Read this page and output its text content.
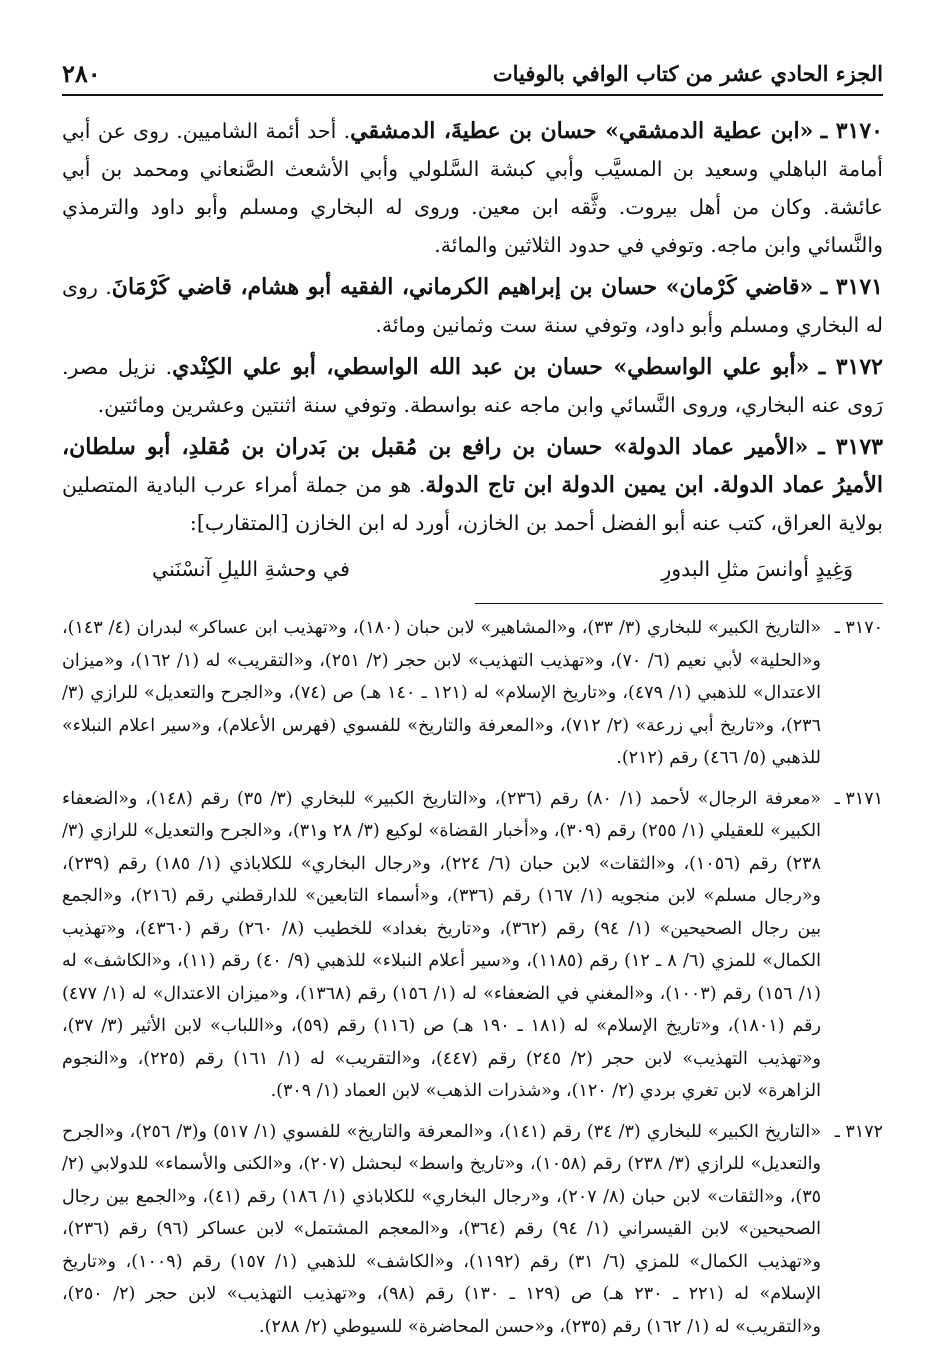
الجزء الحادي عشر من كتاب الوافي بالوفيات
٢٨٠

٣١٧٠ ـ «ابن عطية الدمشقي» حسان بن عطيةَ، الدمشقي. أحد أئمة الشاميين. روى عن أبي أمامة الباهلي وسعيد بن المسيَّب وأبي كبشة السَّلولي وأبي الأشعث الصَّنعاني ومحمد بن أبي عائشة. وكان من أهل بيروت. وثَّقه ابن معين. وروى له البخاري ومسلم وأبو داود والترمذي والنَّسائي وابن ماجه. وتوفي في حدود الثلاثين والمائة.

٣١٧١ ـ «قاضي كَرْمان» حسان بن إبراهيم الكرماني، الفقيه أبو هشام، قاضي كَرْمَانَ. روى له البخاري ومسلم وأبو داود، وتوفي سنة ست وثمانين ومائة.

٣١٧٢ ـ «أبو علي الواسطي» حسان بن عبد الله الواسطي، أبو علي الكِنْدي. نزيل مصر. رَوى عنه البخاري، وروى النَّسائي وابن ماجه عنه بواسطة. وتوفي سنة اثنتين وعشرين ومائتين.

٣١٧٣ ـ «الأمير عماد الدولة» حسان بن رافع بن مُقبل بن بَدران بن مُقلدِ، أبو سلطان، الأميرُ عماد الدولة. ابن يمين الدولة ابن تاج الدولة. هو من جملة أمراء عرب البادية المتصلين بولاية العراق، كتب عنه أبو الفضل أحمد بن الخازن، أورد له ابن الخازن [المتقارب]:

وَغِيدٍ أوانسَ مثلِ البدورِ
في وحشةِ الليلِ آنسْنَني
٣١٧٠ ـ
«التاريخ الكبير» للبخاري (٣/ ٣٣)، و«المشاهير» لابن حبان (١٨٠)، و«تهذيب ابن عساكر» لبدران (٤/ ١٤٣)، و«الحلية» لأبي نعيم (٦/ ٧٠)، و«تهذيب التهذيب» لابن حجر (٢/ ٢٥١)، و«التقريب» له (١/ ١٦٢)، و«ميزان الاعتدال» للذهبي (١/ ٤٧٩)، و«تاريخ الإسلام» له (١٢١ ـ ١٤٠ هـ) ص (٧٤)، و«الجرح والتعديل» للرازي (٣/ ٢٣٦)، و«تاريخ أبي زرعة» (٢/ ٧١٢)، و«المعرفة والتاريخ» للفسوي (فهرس الأعلام)، و«سير اعلام النبلاء» للذهبي (٥/ ٤٦٦) رقم (٢١٢).
٣١٧١ ـ
«معرفة الرجال» لأحمد (١/ ٨٠) رقم (٢٣٦)، و«التاريخ الكبير» للبخاري (٣/ ٣٥) رقم (١٤٨)، و«الضعفاء الكبير» للعقيلي (١/ ٢٥٥) رقم (٣٠٩)، و«أخبار القضاة» لوكيع (٣/ ٢٨ و٣١)، و«الجرح والتعديل» للرازي (٣/ ٢٣٨) رقم (١٠٥٦)، و«الثقات» لابن حبان (٦/ ٢٢٤)، و«رجال البخاري» للكلاباذي (١/ ١٨٥) رقم (٢٣٩)، و«رجال مسلم» لابن منجويه (١/ ١٦٧) رقم (٣٣٦)، و«أسماء التابعين» للدارقطني رقم (٢١٦)، و«الجمع بين رجال الصحيحين» (١/ ٩٤) رقم (٣٦٢)، و«تاريخ بغداد» للخطيب (٨/ ٢٦٠) رقم (٤٣٦٠)، و«تهذيب الكمال» للمزي (٦/ ٨ ـ ١٢) رقم (١١٨٥)، و«سير أعلام النبلاء» للذهبي (٩/ ٤٠) رقم (١١)، و«الكاشف» له (١/ ١٥٦) رقم (١٠٠٣)، و«المغني في الضعفاء» له (١/ ١٥٦) رقم (١٣٦٨)، و«ميزان الاعتدال» له (١/ ٤٧٧) رقم (١٨٠١)، و«تاريخ الإسلام» له (١٨١ ـ ١٩٠ هـ) ص (١١٦) رقم (٥٩)، و«اللباب» لابن الأثير (٣/ ٣٧)، و«تهذيب التهذيب» لابن حجر (٢/ ٢٤٥) رقم (٤٤٧)، و«التقريب» له (١/ ١٦١) رقم (٢٢٥)، و«النجوم الزاهرة» لابن تغري بردي (٢/ ١٢٠)، و«شذرات الذهب» لابن العماد (١/ ٣٠٩).
٣١٧٢ ـ
«التاريخ الكبير» للبخاري (٣/ ٣٤) رقم (١٤١)، و«المعرفة والتاريخ» للفسوي (١/ ٥١٧) و(٣/ ٢٥٦)، و«الجرح والتعديل» للرازي (٣/ ٢٣٨) رقم (١٠٥٨)، و«تاريخ واسط» لبحشل (٢٠٧)، و«الكنى والأسماء» للدولابي (٢/ ٣٥)، و«الثقات» لابن حبان (٨/ ٢٠٧)، و«رجال البخاري» للكلاباذي (١/ ١٨٦) رقم (٤١)، و«الجمع بين رجال الصحيحين» لابن القيسراني (١/ ٩٤) رقم (٣٦٤)، و«المعجم المشتمل» لابن عساكر (٩٦) رقم (٢٣٦)، و«تهذيب الكمال» للمزي (٦/ ٣١) رقم (١١٩٢)، و«الكاشف» للذهبي (١/ ١٥٧) رقم (١٠٠٩)، و«تاريخ الإسلام» له (٢٢١ ـ ٢٣٠ هـ) ص (١٢٩ ـ ١٣٠) رقم (٩٨)، و«تهذيب التهذيب» لابن حجر (٢/ ٢٥٠)، و«التقريب» له (١/ ١٦٢) رقم (٢٣٥)، و«حسن المحاضرة» للسيوطي (٢/ ٢٨٨).
